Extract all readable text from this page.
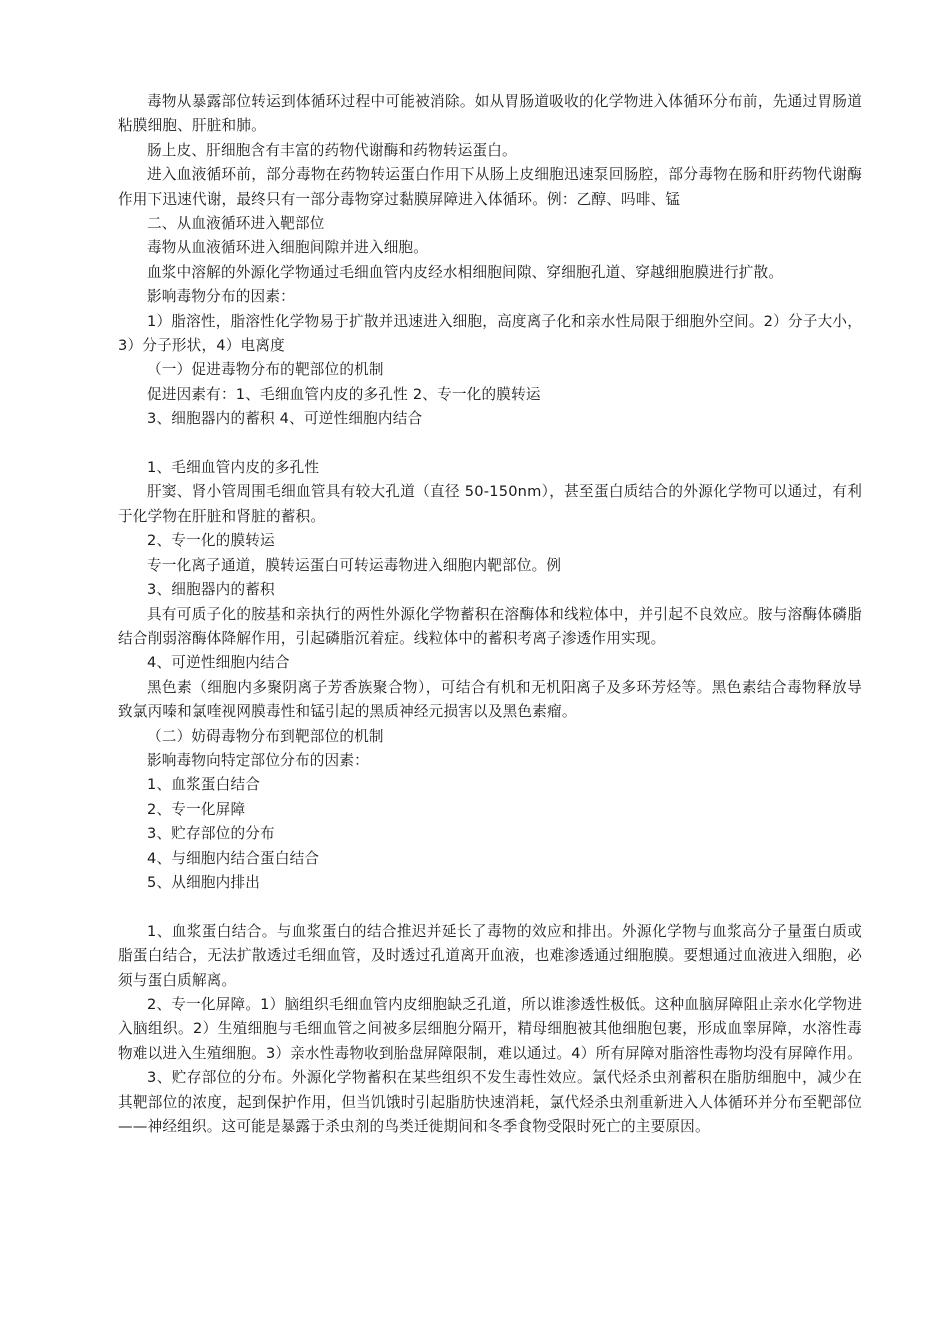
毒物从暴露部位转运到体循环过程中可能被消除。如从胃肠道吸收的化学物进入体循环分布前，先通过胃肠道粘膜细胞、肝脏和肺。

肠上皮、肝细胞含有丰富的药物代谢酶和药物转运蛋白。

进入血液循环前，部分毒物在药物转运蛋白作用下从肠上皮细胞迅速泵回肠腔，部分毒物在肠和肝药物代谢酶作用下迅速代谢，最终只有一部分毒物穿过黏膜屏障进入体循环。例：乙醇、吗啡、锰

二、从血液循环进入靶部位

毒物从血液循环进入细胞间隙并进入细胞。

血浆中溶解的外源化学物通过毛细血管内皮经水相细胞间隙、穿细胞孔道、穿越细胞膜进行扩散。

影响毒物分布的因素：

1）脂溶性，脂溶性化学物易于扩散并迅速进入细胞，高度离子化和亲水性局限于细胞外空间。2）分子大小，3）分子形状，4）电离度

（一）促进毒物分布的靶部位的机制

促进因素有：1、毛细血管内皮的多孔性 2、专一化的膜转运

3、细胞器内的蓄积 4、可逆性细胞内结合

1、毛细血管内皮的多孔性

肝窦、肾小管周围毛细血管具有较大孔道（直径 50-150nm），甚至蛋白质结合的外源化学物可以通过，有利于化学物在肝脏和肾脏的蓄积。

2、专一化的膜转运

专一化离子通道，膜转运蛋白可转运毒物进入细胞内靶部位。例

3、细胞器内的蓄积

具有可质子化的胺基和亲执行的两性外源化学物蓄积在溶酶体和线粒体中，并引起不良效应。胺与溶酶体磷脂结合削弱溶酶体降解作用，引起磷脂沉着症。线粒体中的蓄积考离子渗透作用实现。

4、可逆性细胞内结合

黑色素（细胞内多聚阴离子芳香族聚合物），可结合有机和无机阳离子及多环芳烃等。黑色素结合毒物释放导致氯丙嗪和氯喹视网膜毒性和锰引起的黑质神经元损害以及黑色素瘤。

（二）妨碍毒物分布到靶部位的机制

影响毒物向特定部位分布的因素：

1、血浆蛋白结合

2、专一化屏障

3、贮存部位的分布

4、与细胞内结合蛋白结合

5、从细胞内排出

1、血浆蛋白结合。与血浆蛋白的结合推迟并延长了毒物的效应和排出。外源化学物与血浆高分子量蛋白质或脂蛋白结合，无法扩散透过毛细血管，及时透过孔道离开血液，也难渗透通过细胞膜。要想通过血液进入细胞，必须与蛋白质解离。

2、专一化屏障。1）脑组织毛细血管内皮细胞缺乏孔道，所以谁渗透性极低。这种血脑屏障阻止亲水化学物进入脑组织。2）生殖细胞与毛细血管之间被多层细胞分隔开，精母细胞被其他细胞包裹，形成血睾屏障，水溶性毒物难以进入生殖细胞。3）亲水性毒物收到胎盘屏障限制，难以通过。4）所有屏障对脂溶性毒物均没有屏障作用。

3、贮存部位的分布。外源化学物蓄积在某些组织不发生毒性效应。氯代烃杀虫剂蓄积在脂肪细胞中，减少在其靶部位的浓度，起到保护作用，但当饥饿时引起脂肪快速消耗，氯代烃杀虫剂重新进入人体循环并分布至靶部位——神经组织。这可能是暴露于杀虫剂的鸟类迁徙期间和冬季食物受限时死亡的主要原因。
